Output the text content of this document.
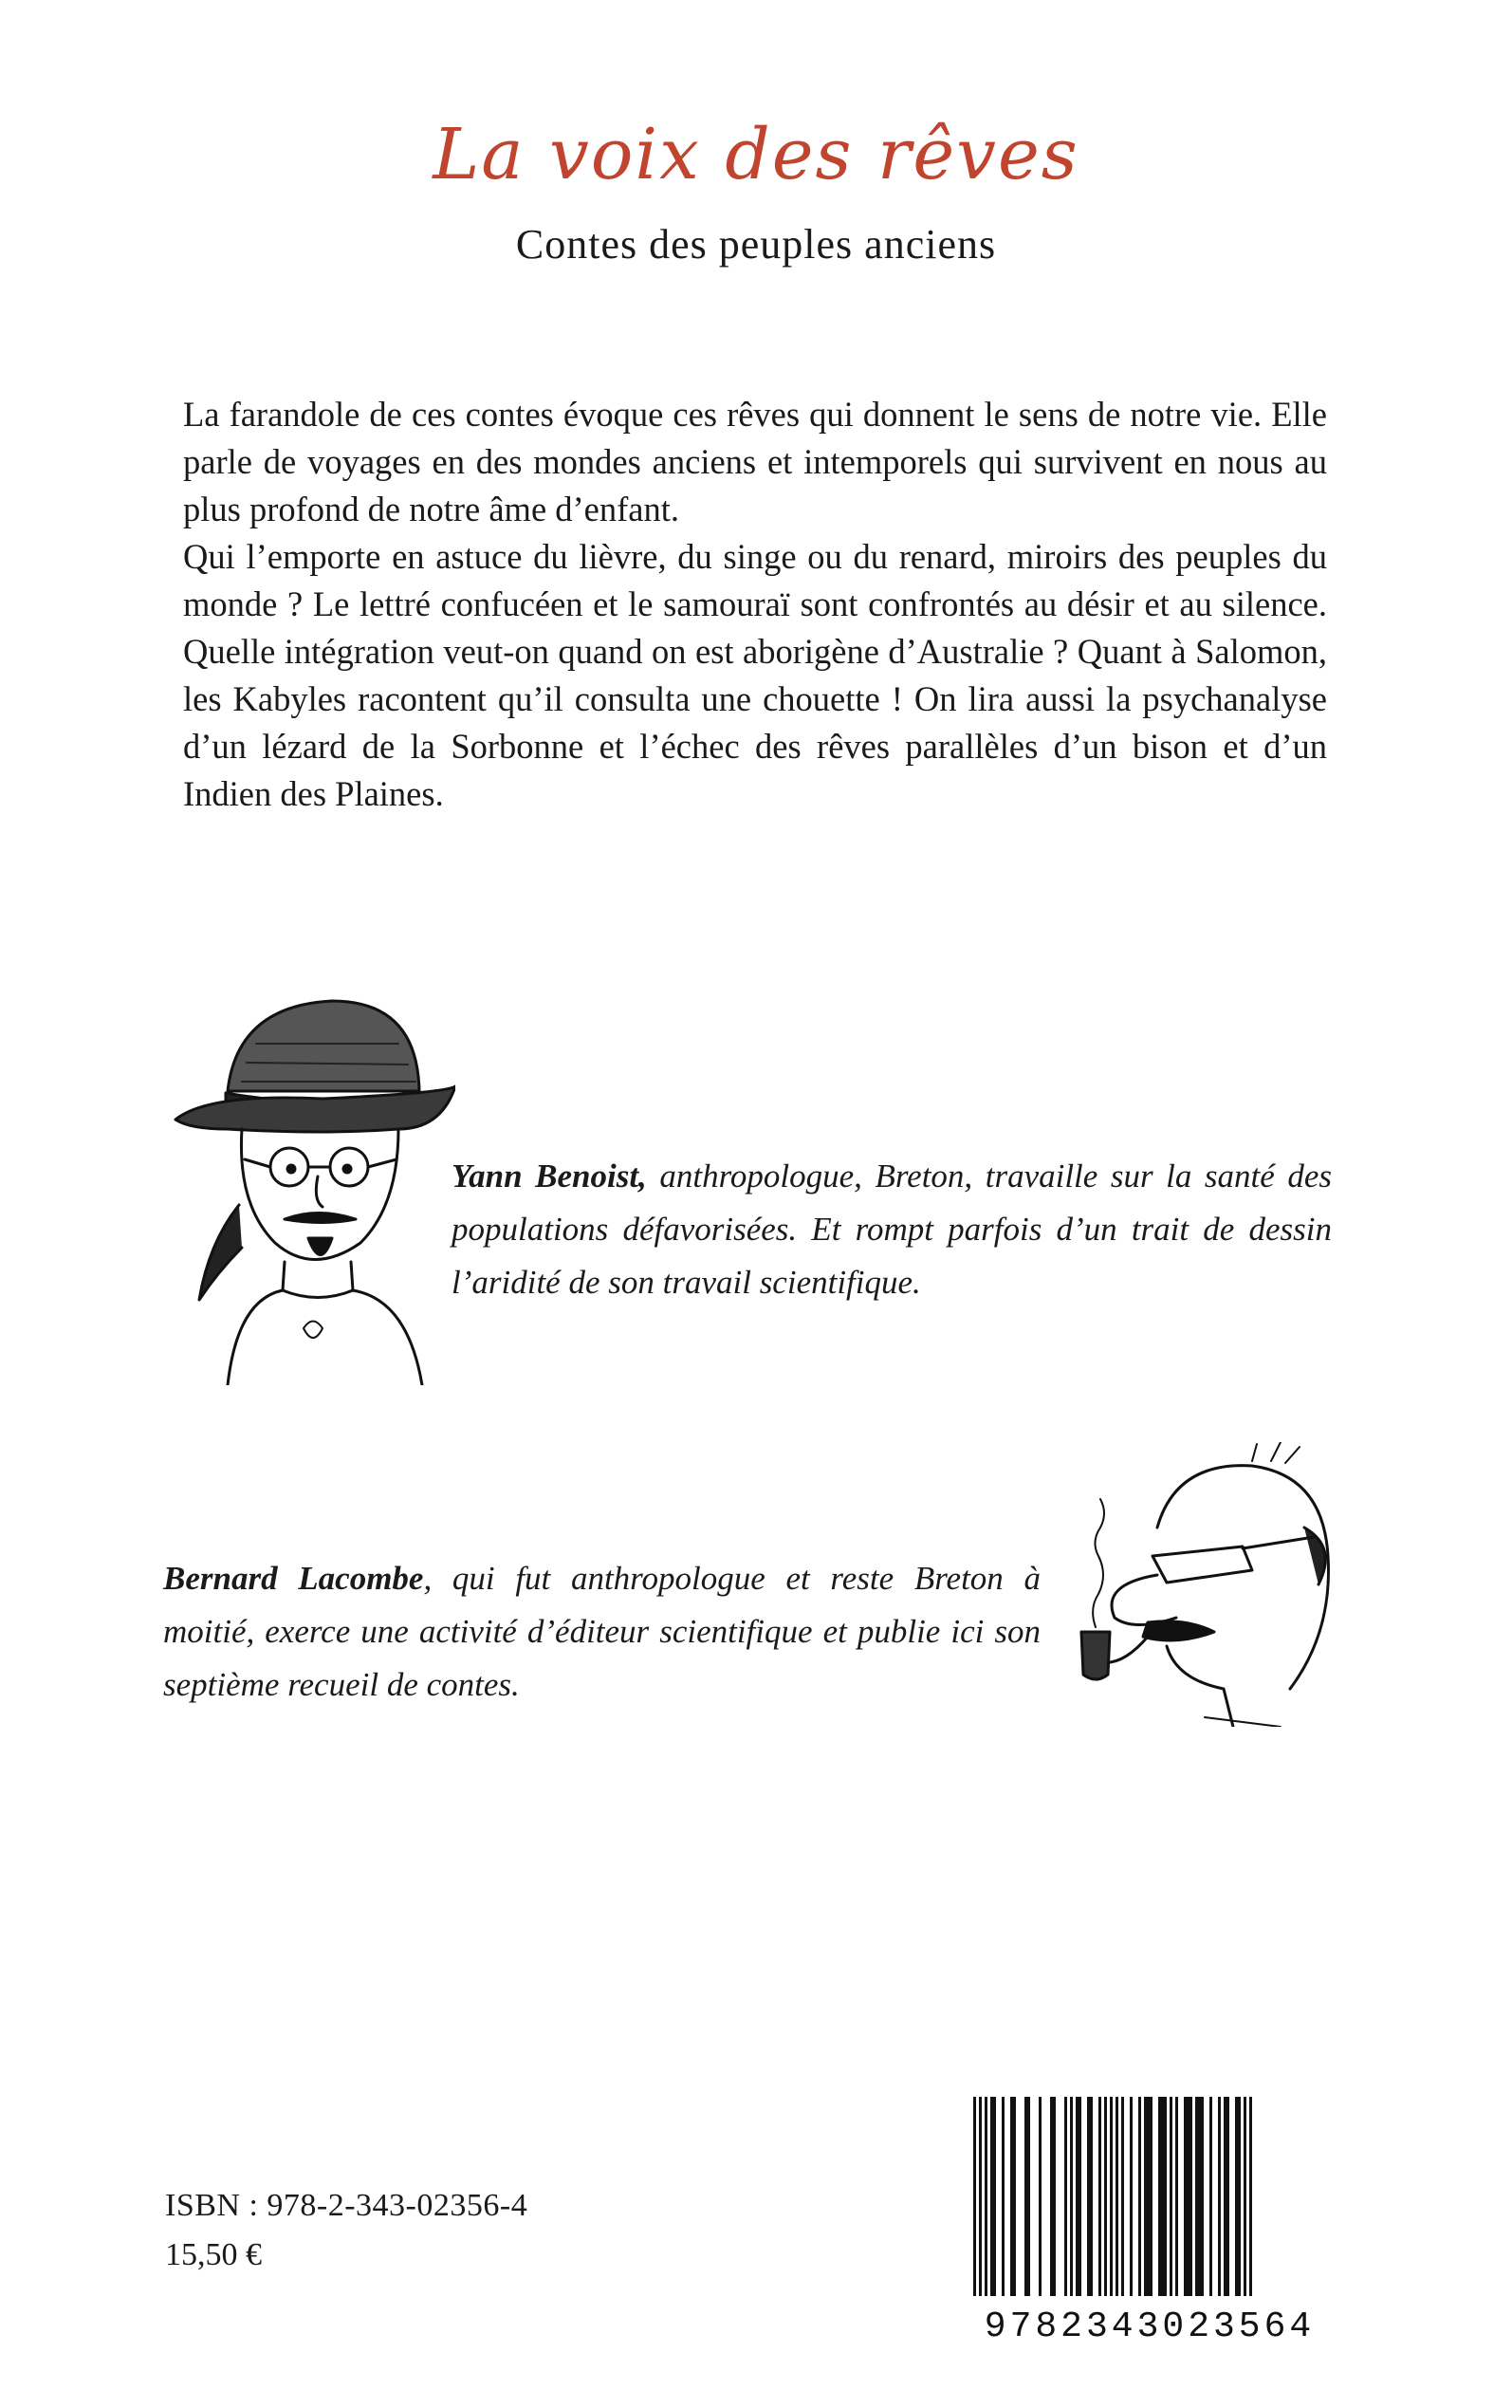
La voix des rêves
Contes des peuples anciens

La farandole de ces contes évoque ces rêves qui donnent le sens de notre vie. Elle parle de voyages en des mondes anciens et intemporels qui survivent en nous au plus profond de notre âme d’enfant.

Qui l’emporte en astuce du lièvre, du singe ou du renard, miroirs des peuples du monde ? Le lettré confucéen et le samouraï sont confrontés au désir et au silence. Quelle intégration veut-on quand on est aborigène d’Australie ? Quant à Salomon, les Kabyles racontent qu’il consulta une chouette ! On lira aussi la psychanalyse d’un lézard de la Sorbonne et l’échec des rêves parallèles d’un bison et d’un Indien des Plaines.

Yann Benoist, anthropologue, Breton, travaille sur la santé des populations défavorisées. Et rompt parfois d’un trait de dessin l’aridité de son travail scientifique.
Bernard Lacombe, qui fut anthropologue et reste Breton à moitié, exerce une activité d’éditeur scientifique et publie ici son septième recueil de contes.
9782343023564
ISBN : 978-2-343-02356-4
15,50 €
